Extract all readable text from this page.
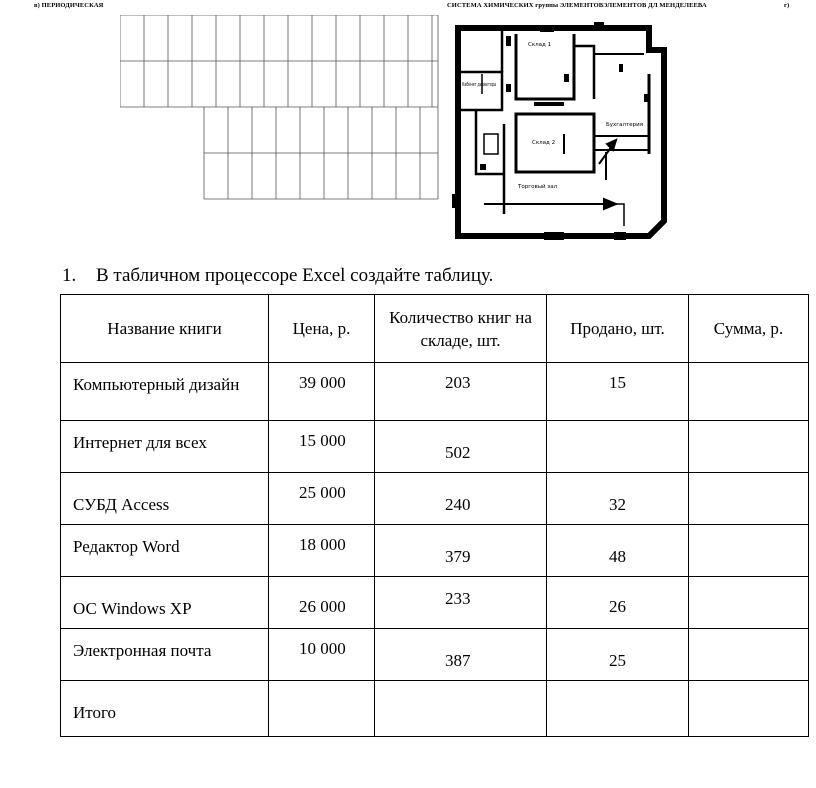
в) ПЕРИОДИЧЕСКАЯ	СИСТЕМА ХИМИЧЕСКИХ группы ЭЛЕМЕНТОВЭЛЕМЕНТОВ ДЛ МЕНДЕЛЕЕВА	г)
Склад 1
Кабинет директора
Склад 2
Бухгалтерия
Торговый зал
1. В табличном процессоре Excel создайте таблицу.
Название книги	Цена, р.	Количество книг на складе, шт.	Продано, шт.	Сумма, р.

Компьютерный дизайн	39 000	203	15	

Интернет для всех	15 000	502		

СУБД Access	25 000	240	32	

Редактор Word	18 000	379	48	

ОС Windows XP	26 000	233	26	

Электронная почта	10 000	387	25	

Итого				
